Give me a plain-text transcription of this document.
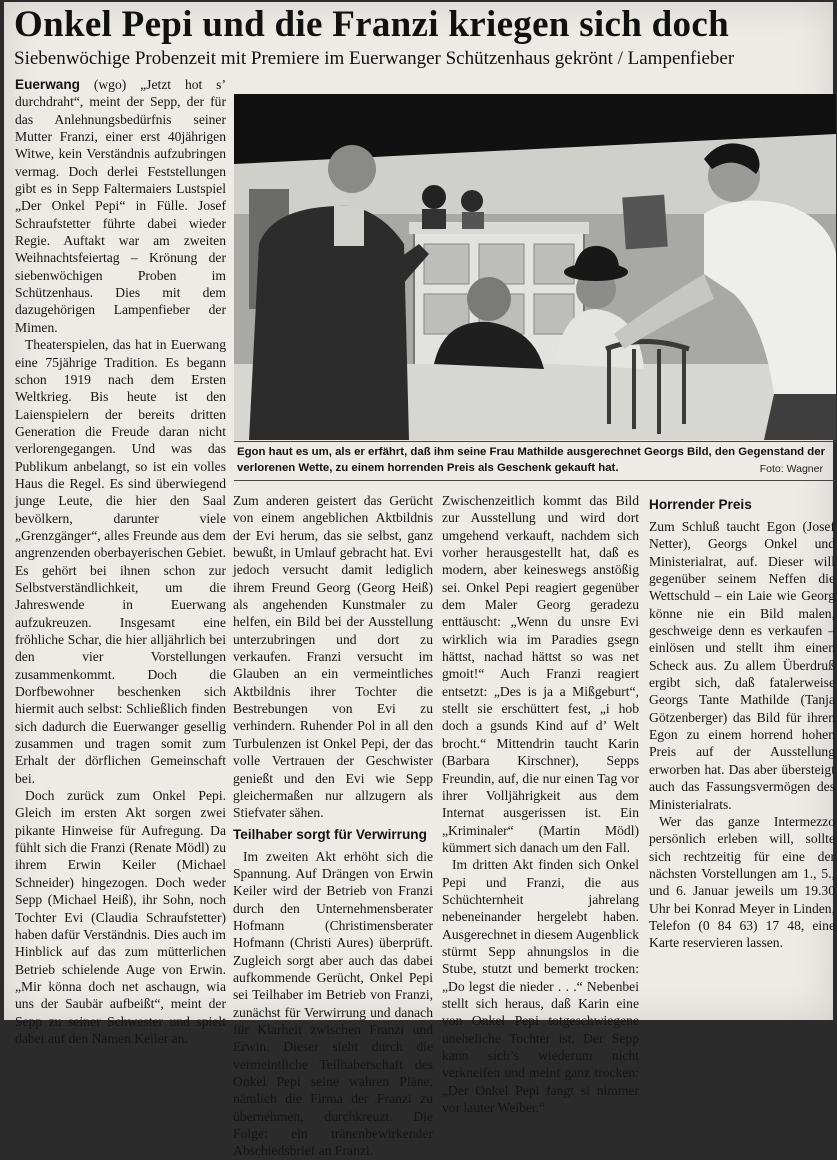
Onkel Pepi und die Franzi kriegen sich doch
Siebenwöchige Probenzeit mit Premiere im Euerwanger Schützenhaus gekrönt / Lampenfieber

Euerwang (wgo) „Jetzt hot s’ durchdraht“, meint der Sepp, der für das Anlehnungsbedürfnis seiner Mutter Franzi, einer erst 40jährigen Witwe, kein Verständnis aufzubringen vermag. Doch derlei Feststellungen gibt es in Sepp Faltermaiers Lustspiel „Der Onkel Pepi“ in Fülle. Josef Schraufstetter führte dabei wieder Regie. Auftakt war am zweiten Weihnachtsfeiertag – Krönung der siebenwöchigen Proben im Schützenhaus. Dies mit dem dazugehörigen Lampenfieber der Mimen.

Theaterspielen, das hat in Euerwang eine 75jährige Tradition. Es begann schon 1919 nach dem Ersten Weltkrieg. Bis heute ist den Laienspielern der bereits dritten Generation die Freude daran nicht verlorengegangen. Und was das Publikum anbelangt, so ist ein volles Haus die Regel. Es sind überwiegend junge Leute, die hier den Saal bevölkern, darunter viele „Grenzgänger“, alles Freunde aus dem angrenzenden oberbayerischen Gebiet. Es gehört bei ihnen schon zur Selbstverständlichkeit, um die Jahreswende in Euerwang aufzukreuzen. Insgesamt eine fröhliche Schar, die hier alljährlich bei den vier Vorstellungen zusammenkommt. Doch die Dorfbewohner beschenken sich hiermit auch selbst: Schließlich finden sich dadurch die Euerwanger gesellig zusammen und tragen somit zum Erhalt der dörflichen Gemeinschaft bei.

Doch zurück zum Onkel Pepi. Gleich im ersten Akt sorgen zwei pikante Hinweise für Aufregung. Da fühlt sich die Franzi (Renate Mödl) zu ihrem Erwin Keiler (Michael Schneider) hingezogen. Doch weder Sepp (Michael Heiß), ihr Sohn, noch Tochter Evi (Claudia Schraufstetter) haben dafür Verständnis. Dies auch im Hinblick auf das zum mütterlichen Betrieb schielende Auge von Erwin. „Mir könna doch net aschaugn, wia uns der Saubär aufbeißt“, meint der Sepp zu seiner Schwester und spielt dabei auf den Namen Keiler an.

Egon haut es um, als er erfährt, daß ihm seine Frau Mathilde ausgerechnet Georgs Bild, den Gegenstand der verlorenen Wette, zu einem horrenden Preis als Geschenk gekauft hat.	Foto: Wagner

Zum anderen geistert das Gerücht von einem angeblichen Aktbildnis der Evi herum, das sie selbst, ganz bewußt, in Umlauf gebracht hat. Evi jedoch versucht damit lediglich ihrem Freund Georg (Georg Heiß) als angehenden Kunstmaler zu helfen, ein Bild bei der Ausstellung unterzubringen und dort zu verkaufen. Franzi versucht im Glauben an ein vermeintliches Aktbildnis ihrer Tochter die Bestrebungen von Evi zu verhindern. Ruhender Pol in all den Turbulenzen ist Onkel Pepi, der das volle Vertrauen der Geschwister genießt und den Evi wie Sepp gleichermaßen nur allzugern als Stiefvater sähen.

Teilhaber sorgt für Verwirrung

Im zweiten Akt erhöht sich die Spannung. Auf Drängen von Erwin Keiler wird der Betrieb von Franzi durch den Unternehmensberater Hofmann (Christimensberater Hofmann (Christi Aures) überprüft. Zugleich sorgt aber auch das dabei aufkommende Gerücht, Onkel Pepi sei Teilhaber im Betrieb von Franzi, zunächst für Verwirrung und danach für Klarheit zwischen Franzi und Erwin. Dieser sieht durch die vermeintliche Teilhaberschaft des Onkel Pepi seine wahren Pläne, nämlich die Firma der Franzi zu übernehmen, durchkreuzt. Die Folge: ein tränenbewirkender Abschiedsbrief an Franzi.

Zwischenzeitlich kommt das Bild zur Ausstellung und wird dort umgehend verkauft, nachdem sich vorher herausgestellt hat, daß es modern, aber keineswegs anstößig sei. Onkel Pepi reagiert gegenüber dem Maler Georg geradezu enttäuscht: „Wenn du unsre Evi wirklich wia im Paradies gsegn hättst, nachad hättst so was net gmoit!“ Auch Franzi reagiert entsetzt: „Des is ja a Mißgeburt“, stellt sie erschüttert fest, „i hob doch a gsunds Kind auf d’ Welt brocht.“ Mittendrin taucht Karin (Barbara Kirschner), Sepps Freundin, auf, die nur einen Tag vor ihrer Volljährigkeit aus dem Internat ausgerissen ist. Ein „Kriminaler“ (Martin Mödl) kümmert sich danach um den Fall.

Im dritten Akt finden sich Onkel Pepi und Franzi, die aus Schüchternheit jahrelang nebeneinander hergelebt haben. Ausgerechnet in diesem Augenblick stürmt Sepp ahnungslos in die Stube, stutzt und bemerkt trocken: „Do legst die nieder . . .“ Nebenbei stellt sich heraus, daß Karin eine von Onkel Pepi totgeschwiegene uneheliche Tochter ist. Der Sepp kann sich’s wiederum nicht verkneifen und meint ganz trocken: „Der Onkel Pepi fangt si nimmer vor lauter Weiber.“

Horrender Preis

Zum Schluß taucht Egon (Josef Netter), Georgs Onkel und Ministerialrat, auf. Dieser will gegenüber seinem Neffen die Wettschuld – ein Laie wie Georg könne nie ein Bild malen, geschweige denn es verkaufen – einlösen und stellt ihm einen Scheck aus. Zu allem Überdruß ergibt sich, daß fatalerweise Georgs Tante Mathilde (Tanja Götzenberger) das Bild für ihren Egon zu einem horrend hohen Preis auf der Ausstellung erworben hat. Das aber übersteigt auch das Fassungsvermögen des Ministerialrats.

Wer das ganze Intermezzo persönlich erleben will, sollte sich rechtzeitig für eine der nächsten Vorstellungen am 1., 5., und 6. Januar jeweils um 19.30 Uhr bei Konrad Meyer in Linden, Telefon (0 84 63) 17 48, eine Karte reservieren lassen.
